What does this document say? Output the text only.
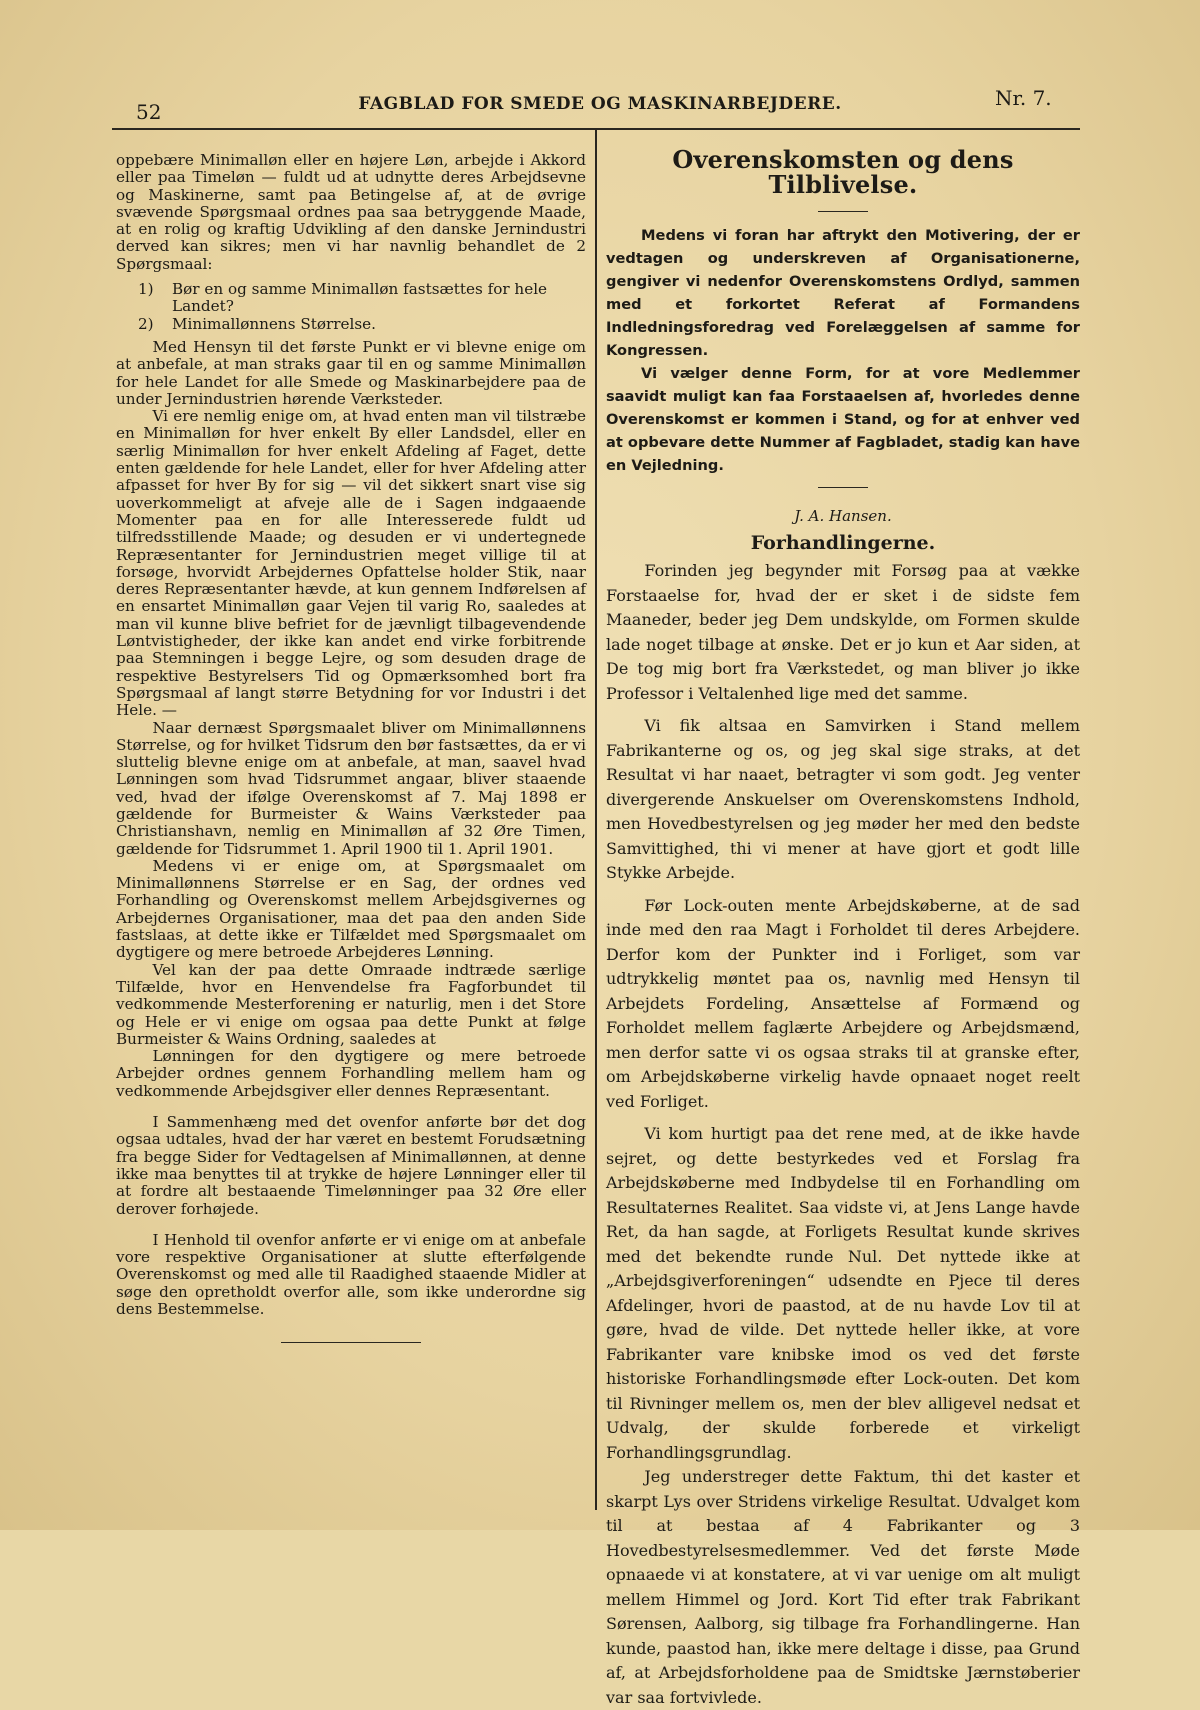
52	FAGBLAD FOR SMEDE OG MASKINARBEJDERE.	Nr. 7.

oppebære Minimalløn eller en højere Løn, arbejde i Akkord eller paa Timeløn — fuldt ud at udnytte deres Arbejdsevne og Maskinerne, samt paa Betingelse af, at de øvrige svævende Spørgsmaal ordnes paa saa betryggende Maade, at en rolig og kraftig Udvikling af den danske Jernindustri derved kan sikres; men vi har navnlig behandlet de 2 Spørgsmaal:

1)	Bør en og samme Minimalløn fastsættes for hele Landet?
2)	Minimallønnens Størrelse.

Med Hensyn til det første Punkt er vi blevne enige om at anbefale, at man straks gaar til en og samme Minimalløn for hele Landet for alle Smede og Maskinarbejdere paa de under Jernindustrien hørende Værksteder.

Vi ere nemlig enige om, at hvad enten man vil tilstræbe en Minimalløn for hver enkelt By eller Landsdel, eller en særlig Minimalløn for hver enkelt Afdeling af Faget, dette enten gældende for hele Landet, eller for hver Afdeling atter afpasset for hver By for sig — vil det sikkert snart vise sig uoverkommeligt at afveje alle de i Sagen indgaaende Momenter paa en for alle Interesserede fuldt ud tilfredsstillende Maade; og desuden er vi undertegnede Repræsentanter for Jernindustrien meget villige til at forsøge, hvorvidt Arbejdernes Opfattelse holder Stik, naar deres Repræsentanter hævde, at kun gennem Indførelsen af en ensartet Minimalløn gaar Vejen til varig Ro, saaledes at man vil kunne blive befriet for de jævnligt tilbagevendende Løntvistigheder, der ikke kan andet end virke forbitrende paa Stemningen i begge Lejre, og som desuden drage de respektive Bestyrelsers Tid og Opmærksomhed bort fra Spørgsmaal af langt større Betydning for vor Industri i det Hele. —

Naar dernæst Spørgsmaalet bliver om Minimallønnens Størrelse, og for hvilket Tidsrum den bør fastsættes, da er vi sluttelig blevne enige om at anbefale, at man, saavel hvad Lønningen som hvad Tidsrummet angaar, bliver staaende ved, hvad der ifølge Overenskomst af 7. Maj 1898 er gældende for Burmeister & Wains Værksteder paa Christianshavn, nemlig en Minimalløn af 32 Øre Timen, gældende for Tidsrummet 1. April 1900 til 1. April 1901.

Medens vi er enige om, at Spørgsmaalet om Minimallønnens Størrelse er en Sag, der ordnes ved Forhandling og Overenskomst mellem Arbejdsgivernes og Arbejdernes Organisationer, maa det paa den anden Side fastslaas, at dette ikke er Tilfældet med Spørgsmaalet om dygtigere og mere betroede Arbejderes Lønning.

Vel kan der paa dette Omraade indtræde særlige Tilfælde, hvor en Henvendelse fra Fagforbundet til vedkommende Mesterforening er naturlig, men i det Store og Hele er vi enige om ogsaa paa dette Punkt at følge Burmeister & Wains Ordning, saaledes at

Lønningen for den dygtigere og mere betroede Arbejder ordnes gennem Forhandling mellem ham og vedkommende Arbejdsgiver eller dennes Repræsentant.

I Sammenhæng med det ovenfor anførte bør det dog ogsaa udtales, hvad der har været en bestemt Forudsætning fra begge Sider for Vedtagelsen af Minimallønnen, at denne ikke maa benyttes til at trykke de højere Lønninger eller til at fordre alt bestaaende Timelønninger paa 32 Øre eller derover forhøjede.

I Henhold til ovenfor anførte er vi enige om at anbefale vore respektive Organisationer at slutte efterfølgende Overenskomst og med alle til Raadighed staaende Midler at søge den opretholdt overfor alle, som ikke underordne sig dens Bestemmelse.

Overenskomsten og dens Tilblivelse.

Medens vi foran har aftrykt den Motivering, der er vedtagen og underskreven af Organisationerne, gengiver vi nedenfor Overenskomstens Ordlyd, sammen med et forkortet Referat af Formandens Indledningsforedrag ved Forelæggelsen af samme for Kongressen.

Vi vælger denne Form, for at vore Medlemmer saavidt muligt kan faa Forstaaelsen af, hvorledes denne Overenskomst er kommen i Stand, og for at enhver ved at opbevare dette Nummer af Fagbladet, stadig kan have en Vejledning.

J. A. Hansen.
Forhandlingerne.

Forinden jeg begynder mit Forsøg paa at vække Forstaaelse for, hvad der er sket i de sidste fem Maaneder, beder jeg Dem undskylde, om Formen skulde lade noget tilbage at ønske. Det er jo kun et Aar siden, at De tog mig bort fra Værkstedet, og man bliver jo ikke Professor i Veltalenhed lige med det samme.

Vi fik altsaa en Samvirken i Stand mellem Fabrikanterne og os, og jeg skal sige straks, at det Resultat vi har naaet, betragter vi som godt. Jeg venter divergerende Anskuelser om Overenskomstens Indhold, men Hovedbestyrelsen og jeg møder her med den bedste Samvittighed, thi vi mener at have gjort et godt lille Stykke Arbejde.

Før Lock-outen mente Arbejdskøberne, at de sad inde med den raa Magt i Forholdet til deres Arbejdere. Derfor kom der Punkter ind i Forliget, som var udtrykkelig møntet paa os, navnlig med Hensyn til Arbejdets Fordeling, Ansættelse af Formænd og Forholdet mellem faglærte Arbejdere og Arbejdsmænd, men derfor satte vi os ogsaa straks til at granske efter, om Arbejdskøberne virkelig havde opnaaet noget reelt ved Forliget.

Vi kom hurtigt paa det rene med, at de ikke havde sejret, og dette bestyrkedes ved et Forslag fra Arbejdskøberne med Indbydelse til en Forhandling om Resultaternes Realitet. Saa vidste vi, at Jens Lange havde Ret, da han sagde, at Forligets Resultat kunde skrives med det bekendte runde Nul. Det nyttede ikke at „Arbejdsgiverforeningen“ udsendte en Pjece til deres Afdelinger, hvori de paastod, at de nu havde Lov til at gøre, hvad de vilde. Det nyttede heller ikke, at vore Fabrikanter vare knibske imod os ved det første historiske Forhandlingsmøde efter Lock-outen. Det kom til Rivninger mellem os, men der blev alligevel nedsat et Udvalg, der skulde forberede et virkeligt Forhandlingsgrundlag.

Jeg understreger dette Faktum, thi det kaster et skarpt Lys over Stridens virkelige Resultat. Udvalget kom til at bestaa af 4 Fabrikanter og 3 Hovedbestyrelsesmedlemmer. Ved det første Møde opnaaede vi at konstatere, at vi var uenige om alt muligt mellem Himmel og Jord. Kort Tid efter trak Fabrikant Sørensen, Aalborg, sig tilbage fra Forhandlingerne. Han kunde, paastod han, ikke mere deltage i disse, paa Grund af, at Arbejdsforholdene paa de Smidtske Jærnstøberier var saa fortvivlede.
